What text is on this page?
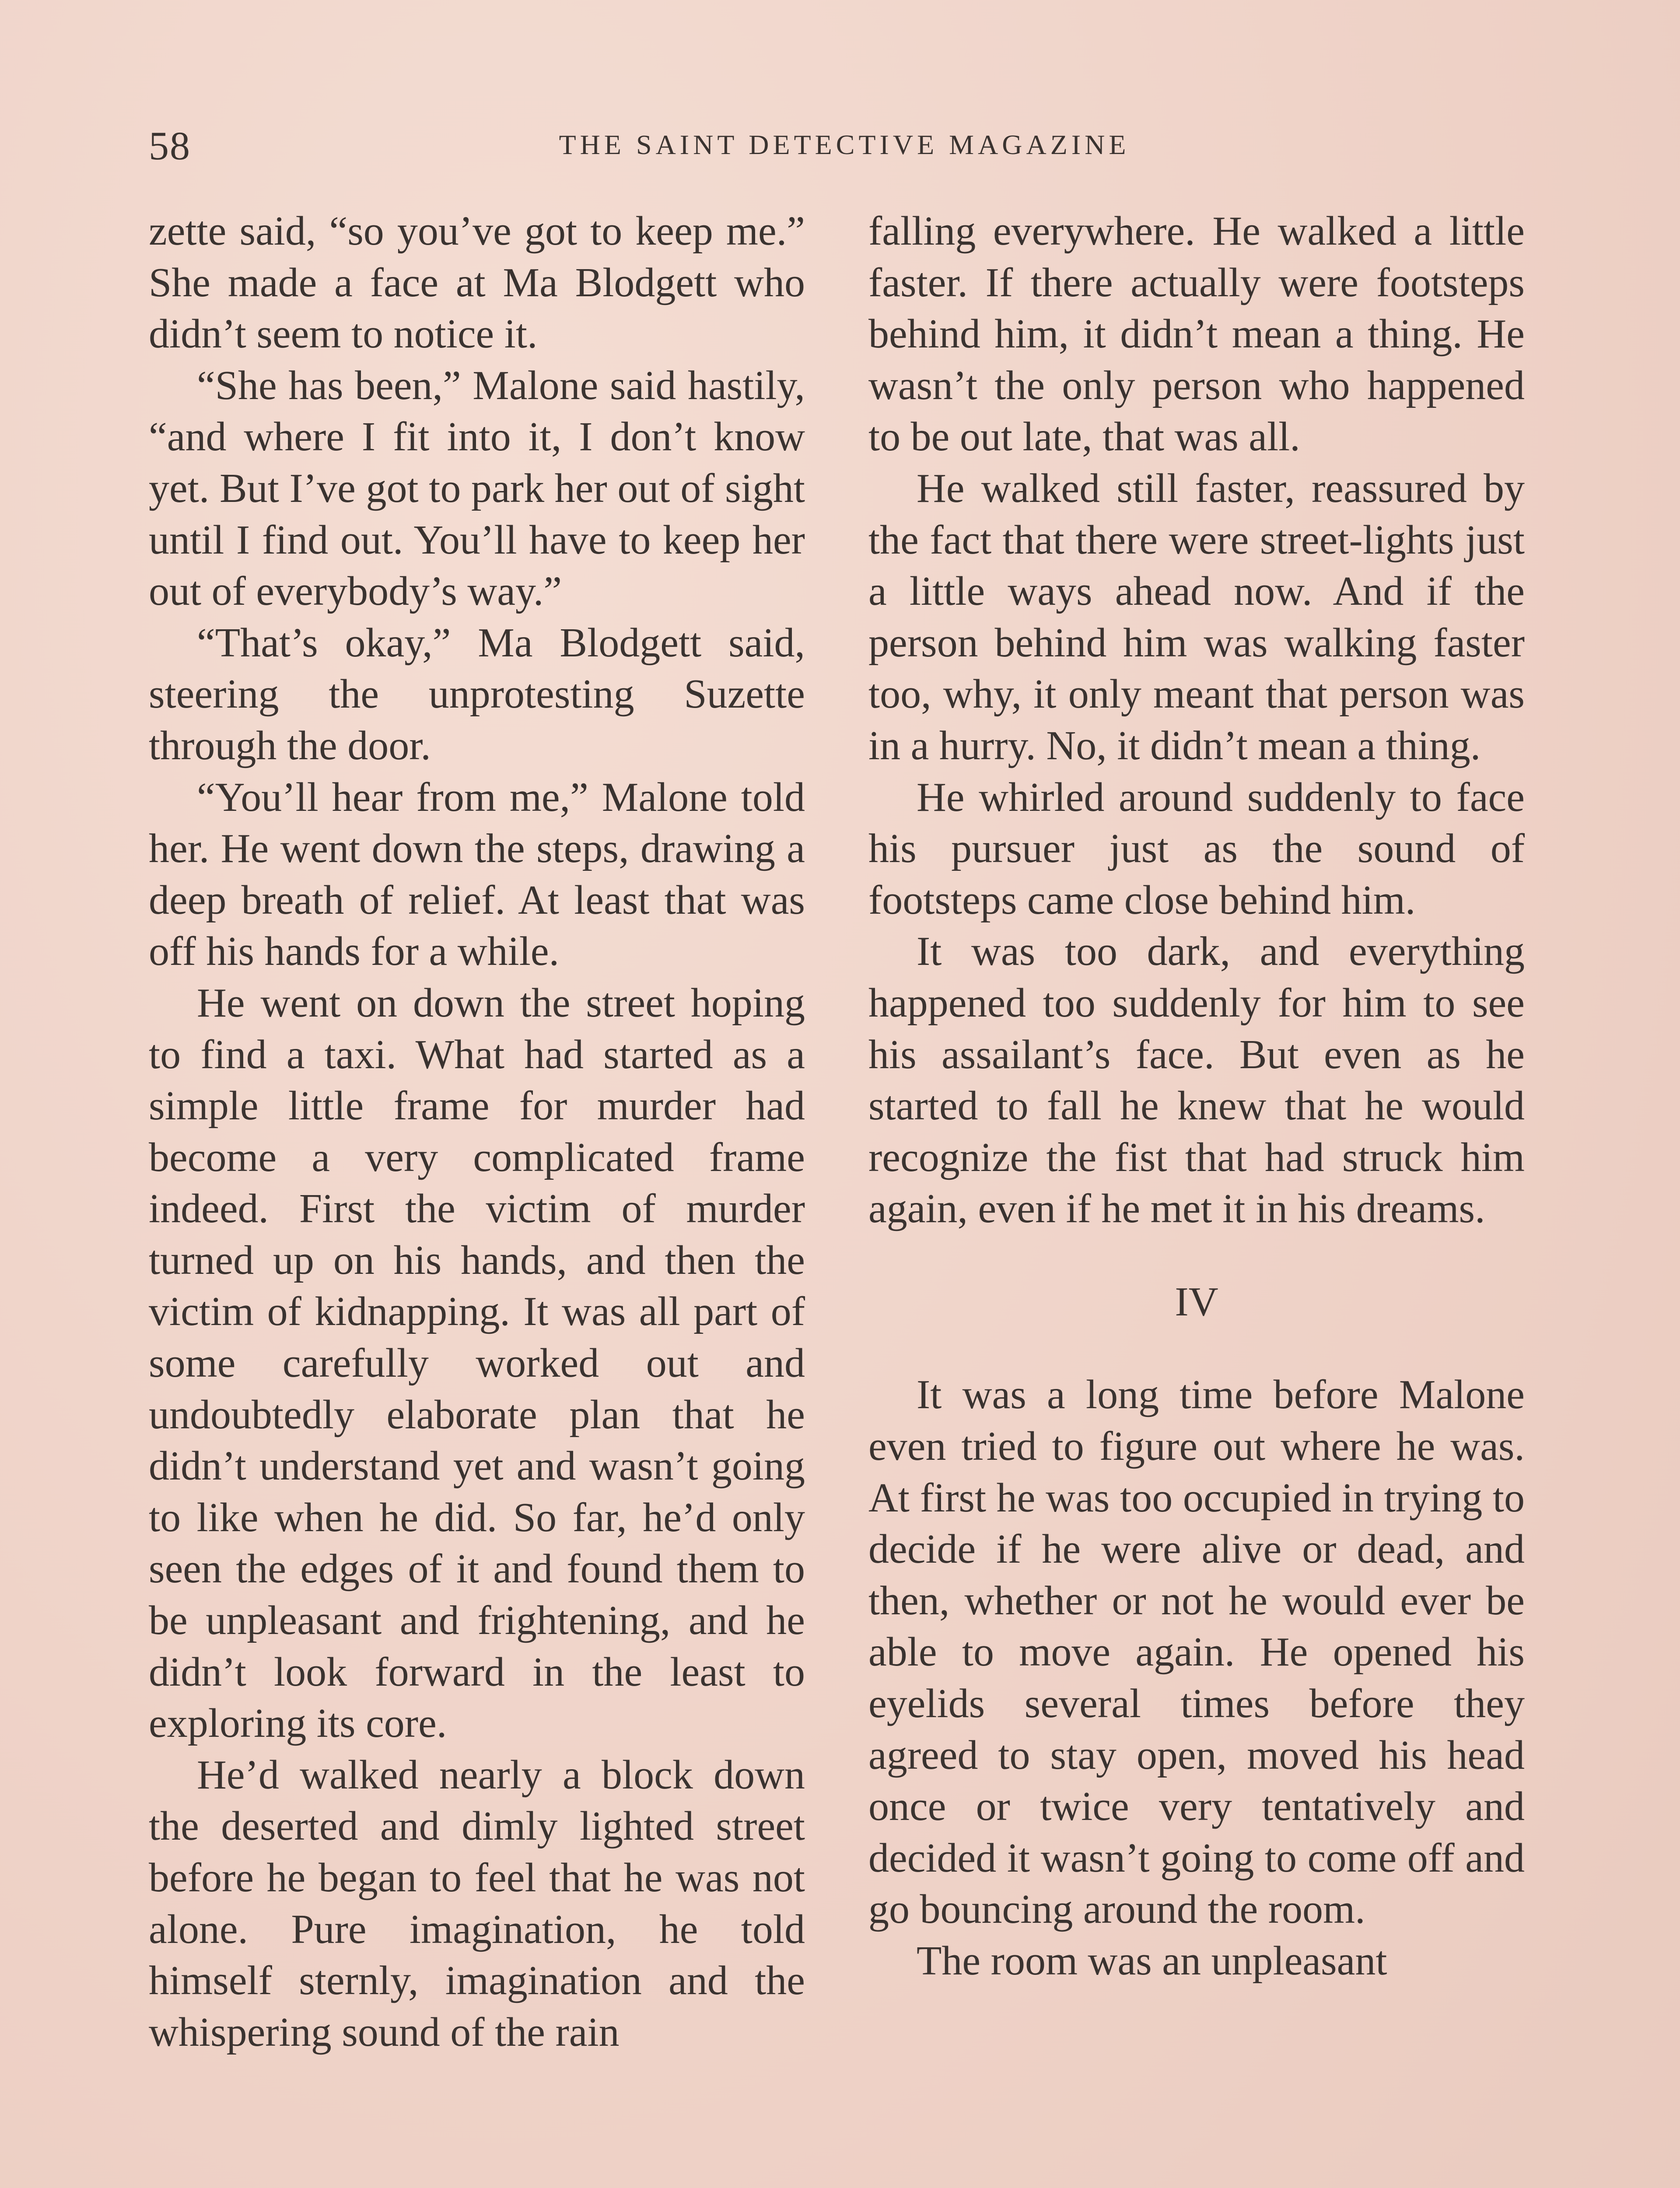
58	THE SAINT DETECTIVE MAGAZINE

zette said, “so you’ve got to keep me.” She made a face at Ma Blodgett who didn’t seem to notice it.

“She has been,” Malone said hastily, “and where I fit into it, I don’t know yet. But I’ve got to park her out of sight until I find out. You’ll have to keep her out of everybody’s way.”

“That’s okay,” Ma Blodgett said, steering the unprotesting Suzette through the door.

“You’ll hear from me,” Malone told her. He went down the steps, drawing a deep breath of relief. At least that was off his hands for a while.

He went on down the street hoping to find a taxi. What had started as a simple little frame for murder had become a very complicated frame indeed. First the victim of murder turned up on his hands, and then the victim of kidnapping. It was all part of some carefully worked out and undoubtedly elaborate plan that he didn’t understand yet and wasn’t going to like when he did. So far, he’d only seen the edges of it and found them to be unpleasant and frightening, and he didn’t look forward in the least to exploring its core.

He’d walked nearly a block down the deserted and dimly lighted street before he began to feel that he was not alone. Pure imagination, he told himself sternly, imagination and the whispering sound of the rain

falling everywhere. He walked a little faster. If there actually were footsteps behind him, it didn’t mean a thing. He wasn’t the only person who happened to be out late, that was all.

He walked still faster, reassured by the fact that there were street-lights just a little ways ahead now. And if the person behind him was walking faster too, why, it only meant that person was in a hurry. No, it didn’t mean a thing.

He whirled around suddenly to face his pursuer just as the sound of footsteps came close behind him.

It was too dark, and everything happened too suddenly for him to see his assailant’s face. But even as he started to fall he knew that he would recognize the fist that had struck him again, even if he met it in his dreams.

IV

It was a long time before Malone even tried to figure out where he was. At first he was too occupied in trying to decide if he were alive or dead, and then, whether or not he would ever be able to move again. He opened his eyelids several times before they agreed to stay open, moved his head once or twice very tentatively and decided it wasn’t going to come off and go bouncing around the room.

The room was an unpleasant
